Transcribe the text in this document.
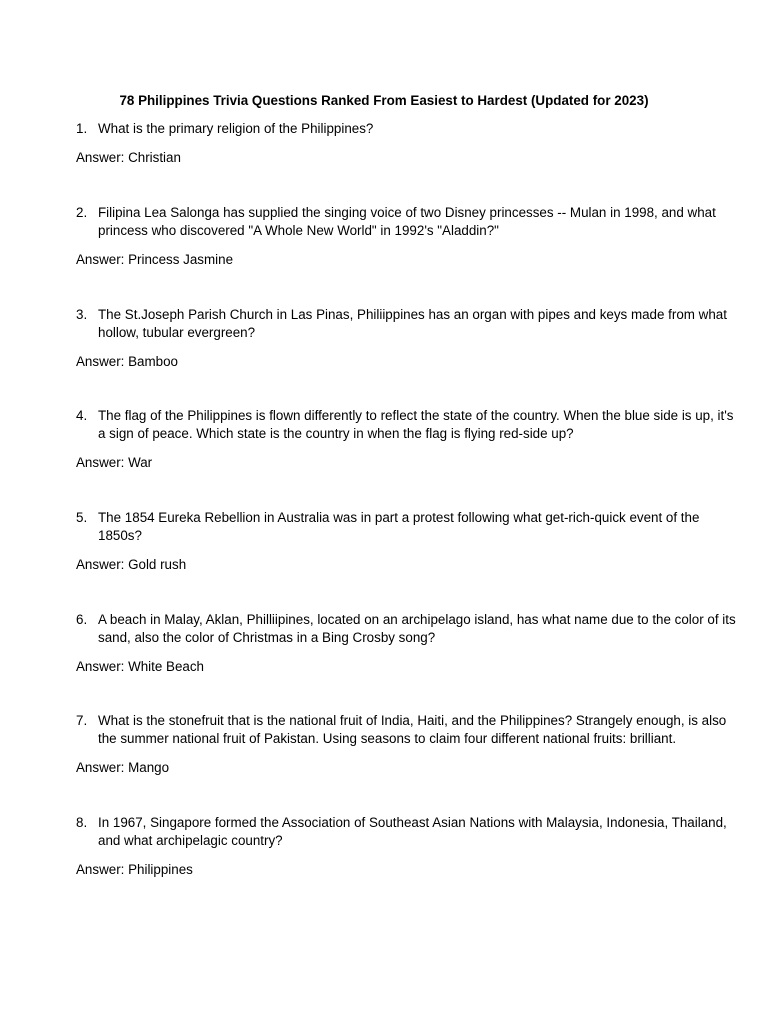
78 Philippines Trivia Questions Ranked From Easiest to Hardest (Updated for 2023)
1. What is the primary religion of the Philippines?

Answer: Christian

2. Filipina Lea Salonga has supplied the singing voice of two Disney princesses -- Mulan in 1998, and what princess who discovered "A Whole New World" in 1992's "Aladdin?"

Answer: Princess Jasmine

3. The St.Joseph Parish Church in Las Pinas, Philiippines has an organ with pipes and keys made from what hollow, tubular evergreen?

Answer: Bamboo

4. The flag of the Philippines is flown differently to reflect the state of the country. When the blue side is up, it's a sign of peace. Which state is the country in when the flag is flying red-side up?

Answer: War

5. The 1854 Eureka Rebellion in Australia was in part a protest following what get-rich-quick event of the 1850s?

Answer: Gold rush

6. A beach in Malay, Aklan, Philliipines, located on an archipelago island, has what name due to the color of its sand, also the color of Christmas in a Bing Crosby song?

Answer: White Beach

7. What is the stonefruit that is the national fruit of India, Haiti, and the Philippines? Strangely enough, is also the summer national fruit of Pakistan. Using seasons to claim four different national fruits: brilliant.

Answer: Mango

8. In 1967, Singapore formed the Association of Southeast Asian Nations with Malaysia, Indonesia, Thailand, and what archipelagic country?

Answer: Philippines
